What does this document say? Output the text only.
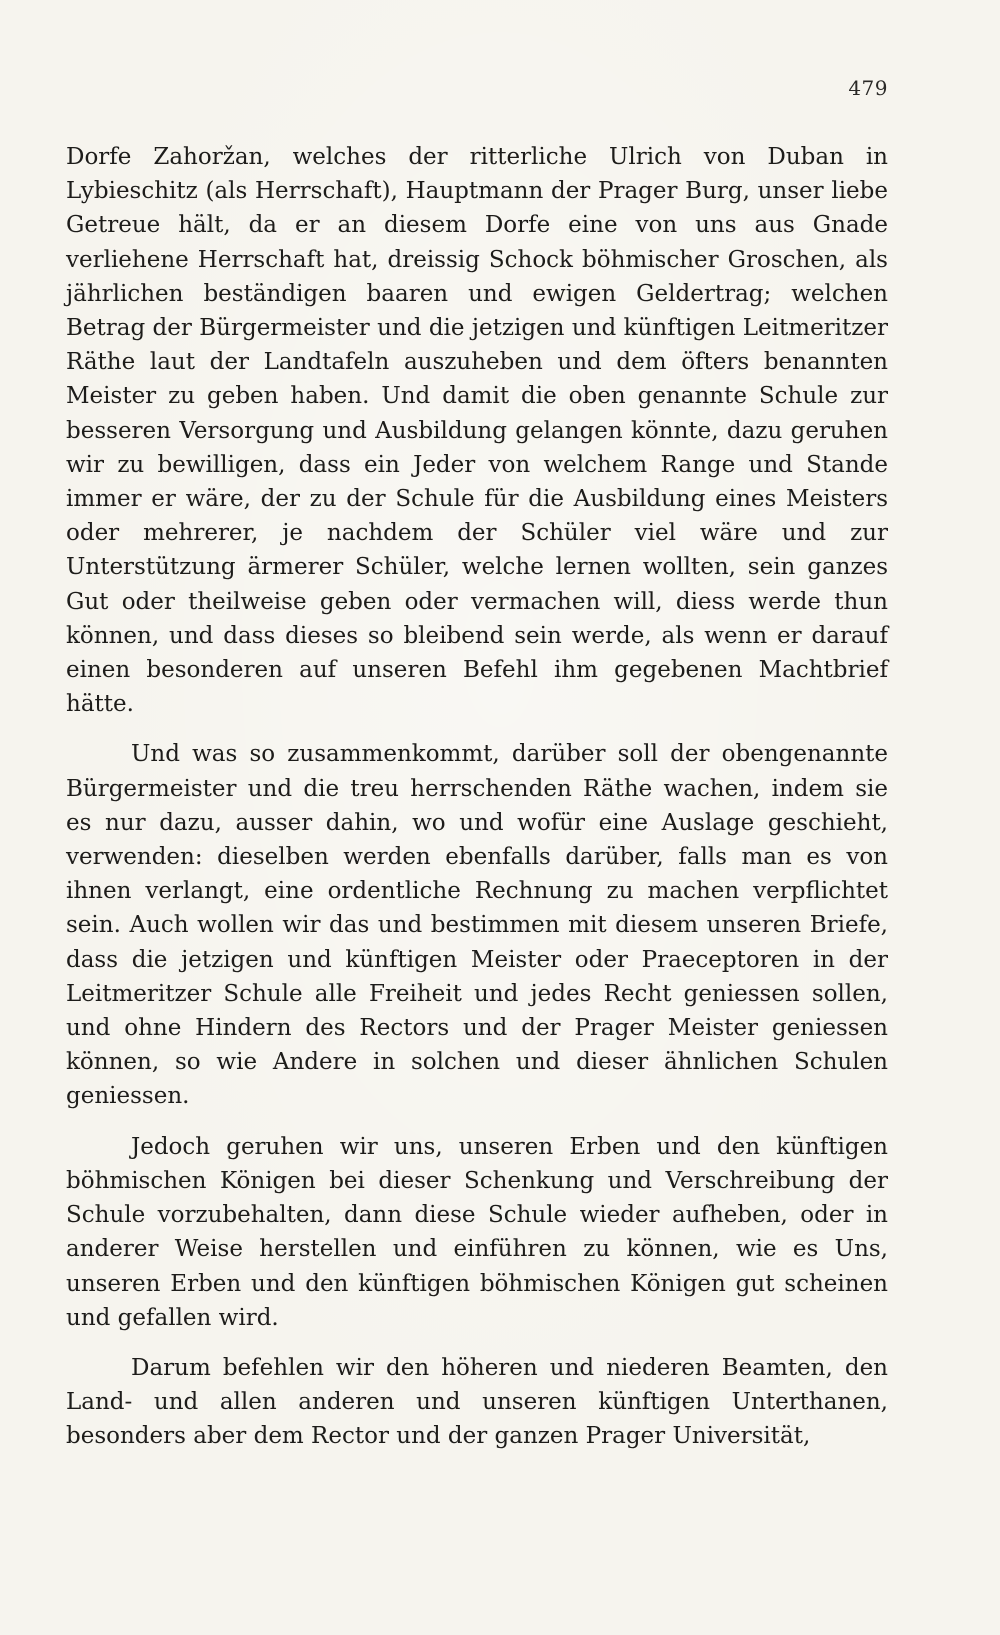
479

Dorfe Zahoržan, welches der ritterliche Ulrich von Duban in Lybieschitz (als Herrschaft), Hauptmann der Prager Burg, unser liebe Getreue hält, da er an diesem Dorfe eine von uns aus Gnade verliehene Herrschaft hat, dreissig Schock böhmischer Groschen, als jährlichen beständigen baaren und ewigen Geldertrag; welchen Betrag der Bürgermeister und die jetzigen und künftigen Leitmeritzer Räthe laut der Landtafeln auszuheben und dem öfters benannten Meister zu geben haben. Und damit die oben genannte Schule zur besseren Versorgung und Ausbildung gelangen könnte, dazu geruhen wir zu bewilligen, dass ein Jeder von welchem Range und Stande immer er wäre, der zu der Schule für die Ausbildung eines Meisters oder mehrerer, je nachdem der Schüler viel wäre und zur Unterstützung ärmerer Schüler, welche lernen wollten, sein ganzes Gut oder theilweise geben oder vermachen will, diess werde thun können, und dass dieses so bleibend sein werde, als wenn er darauf einen besonderen auf unseren Befehl ihm gegebenen Machtbrief hätte.

Und was so zusammenkommt, darüber soll der obengenannte Bürgermeister und die treu herrschenden Räthe wachen, indem sie es nur dazu, ausser dahin, wo und wofür eine Auslage geschieht, verwenden: dieselben werden ebenfalls darüber, falls man es von ihnen verlangt, eine ordentliche Rechnung zu machen verpflichtet sein. Auch wollen wir das und bestimmen mit diesem unseren Briefe, dass die jetzigen und künftigen Meister oder Praeceptoren in der Leitmeritzer Schule alle Freiheit und jedes Recht geniessen sollen, und ohne Hindern des Rectors und der Prager Meister geniessen können, so wie Andere in solchen und dieser ähnlichen Schulen geniessen.

Jedoch geruhen wir uns, unseren Erben und den künftigen böhmischen Königen bei dieser Schenkung und Verschreibung der Schule vorzubehalten, dann diese Schule wieder aufheben, oder in anderer Weise herstellen und einführen zu können, wie es Uns, unseren Erben und den künftigen böhmischen Königen gut scheinen und gefallen wird.

Darum befehlen wir den höheren und niederen Beamten, den Land- und allen anderen und unseren künftigen Unterthanen, besonders aber dem Rector und der ganzen Prager Universität,
